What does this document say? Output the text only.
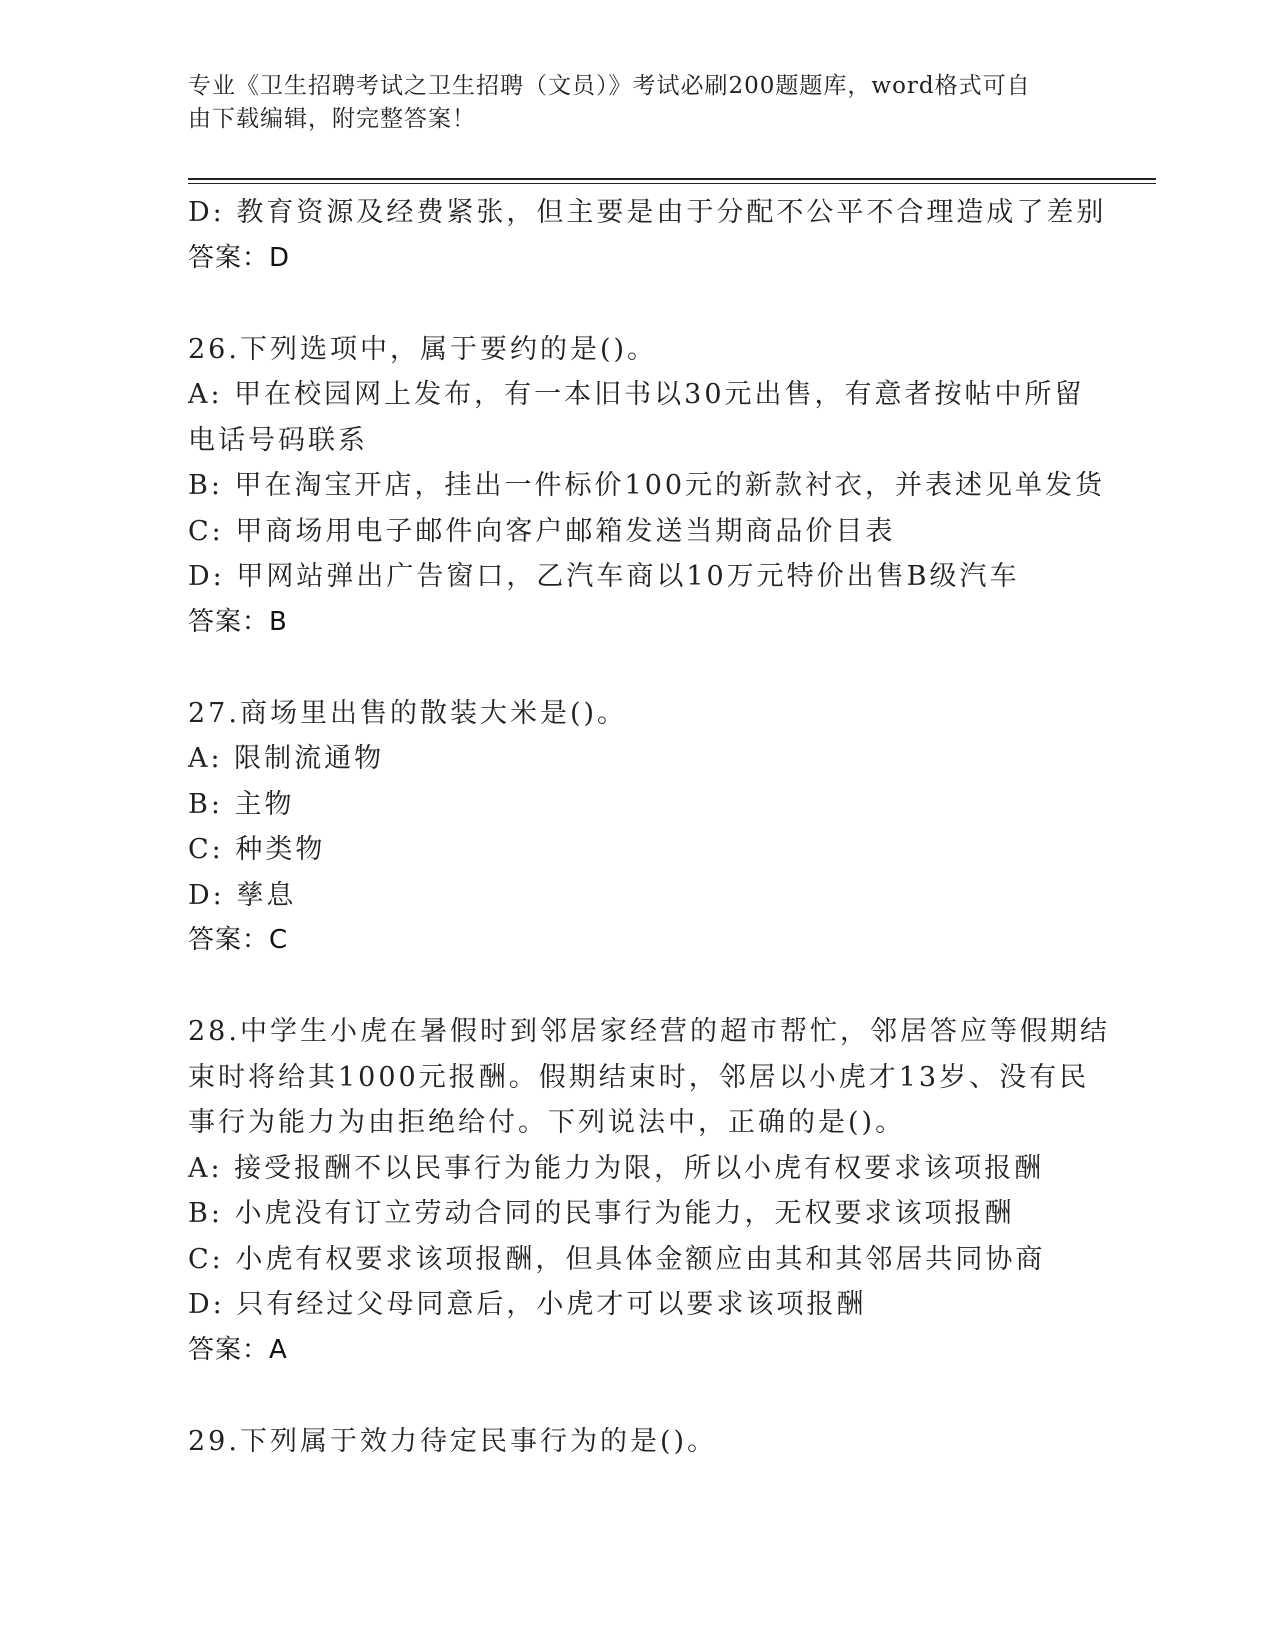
专业《卫生招聘考试之卫生招聘（文员）》考试必刷200题题库，word格式可自
由下载编辑，附完整答案！

D: 教育资源及经费紧张，但主要是由于分配不公平不合理造成了差别

答案：D

26.下列选项中，属于要约的是()。

A: 甲在校园网上发布，有一本旧书以30元出售，有意者按帖中所留

电话号码联系

B: 甲在淘宝开店，挂出一件标价100元的新款衬衣，并表述见单发货

C: 甲商场用电子邮件向客户邮箱发送当期商品价目表

D: 甲网站弹出广告窗口，乙汽车商以10万元特价出售B级汽车

答案：B

27.商场里出售的散装大米是()。

A: 限制流通物

B: 主物

C: 种类物

D: 孳息

答案：C

28.中学生小虎在暑假时到邻居家经营的超市帮忙，邻居答应等假期结

束时将给其1000元报酬。假期结束时，邻居以小虎才13岁、没有民

事行为能力为由拒绝给付。下列说法中，正确的是()。

A: 接受报酬不以民事行为能力为限，所以小虎有权要求该项报酬

B: 小虎没有订立劳动合同的民事行为能力，无权要求该项报酬

C: 小虎有权要求该项报酬，但具体金额应由其和其邻居共同协商

D: 只有经过父母同意后，小虎才可以要求该项报酬

答案：A

29.下列属于效力待定民事行为的是()。
